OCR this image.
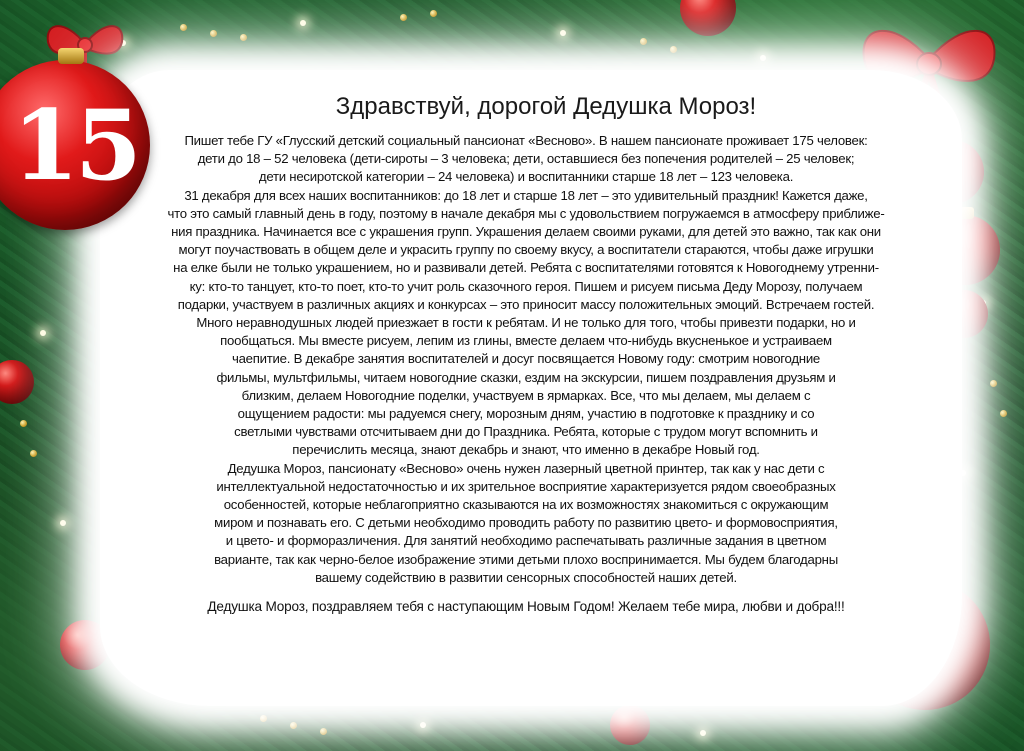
15	Здравствуй, дорогой Дедушка Мороз!
Пишет тебе ГУ «Глусский детский социальный пансионат «Весново». В нашем пансионате проживает 175 человек:
дети до 18 – 52 человека (дети-сироты – 3 человека; дети, оставшиеся без попечения родителей – 25 человек;
дети несиротской категории – 24 человека) и воспитанники старше 18 лет – 123 человека.
31 декабря для всех наших воспитанников: до 18 лет и старше 18 лет – это удивительный праздник! Кажется даже,
что это самый главный день в году, поэтому в начале декабря мы с удовольствием погружаемся в атмосферу приближе-
ния праздника. Начинается все с украшения групп. Украшения делаем своими руками, для детей это важно, так как они
могут поучаствовать в общем деле и украсить группу по своему вкусу, а воспитатели стараются, чтобы даже игрушки
на елке были не только украшением, но и развивали детей. Ребята с воспитателями готовятся к Новогоднему утренни-
ку: кто-то танцует, кто-то поет, кто-то учит роль сказочного героя. Пишем и рисуем письма Деду Морозу, получаем
подарки, участвуем в различных акциях и конкурсах – это приносит массу положительных эмоций. Встречаем гостей.
Много неравнодушных людей приезжает в гости к ребятам. И не только для того, чтобы привезти подарки, но и
пообщаться. Мы вместе рисуем, лепим из глины, вместе делаем что-нибудь вкусненькое и устраиваем
чаепитие. В декабре занятия воспитателей и досуг посвящается Новому году: смотрим новогодние
фильмы, мультфильмы, читаем новогодние сказки, ездим на экскурсии, пишем поздравления друзьям и
близким, делаем Новогодние поделки, участвуем в ярмарках. Все, что мы делаем, мы делаем с
ощущением радости: мы радуемся снегу, морозным дням, участию в подготовке к празднику и со
светлыми чувствами отсчитываем дни до Праздника. Ребята, которые с трудом могут вспомнить и
перечислить месяца, знают декабрь и знают, что именно в декабре Новый год.
Дедушка Мороз, пансионату «Весново» очень нужен лазерный цветной принтер, так как у нас дети с
интеллектуальной недостаточностью и их зрительное восприятие характеризуется рядом своеобразных
особенностей, которые неблагоприятно сказываются на их возможностях знакомиться с окружающим
миром и познавать его. С детьми необходимо проводить работу по развитию цвето- и формовосприятия,
и цвето- и форморазличения. Для занятий необходимо распечатывать различные задания в цветном
варианте, так как черно-белое изображение этими детьми плохо воспринимается. Мы будем благодарны
вашему содействию в развитии сенсорных способностей наших детей.
Дедушка Мороз, поздравляем тебя с наступающим Новым Годом! Желаем тебе мира, любви и добра!!!
